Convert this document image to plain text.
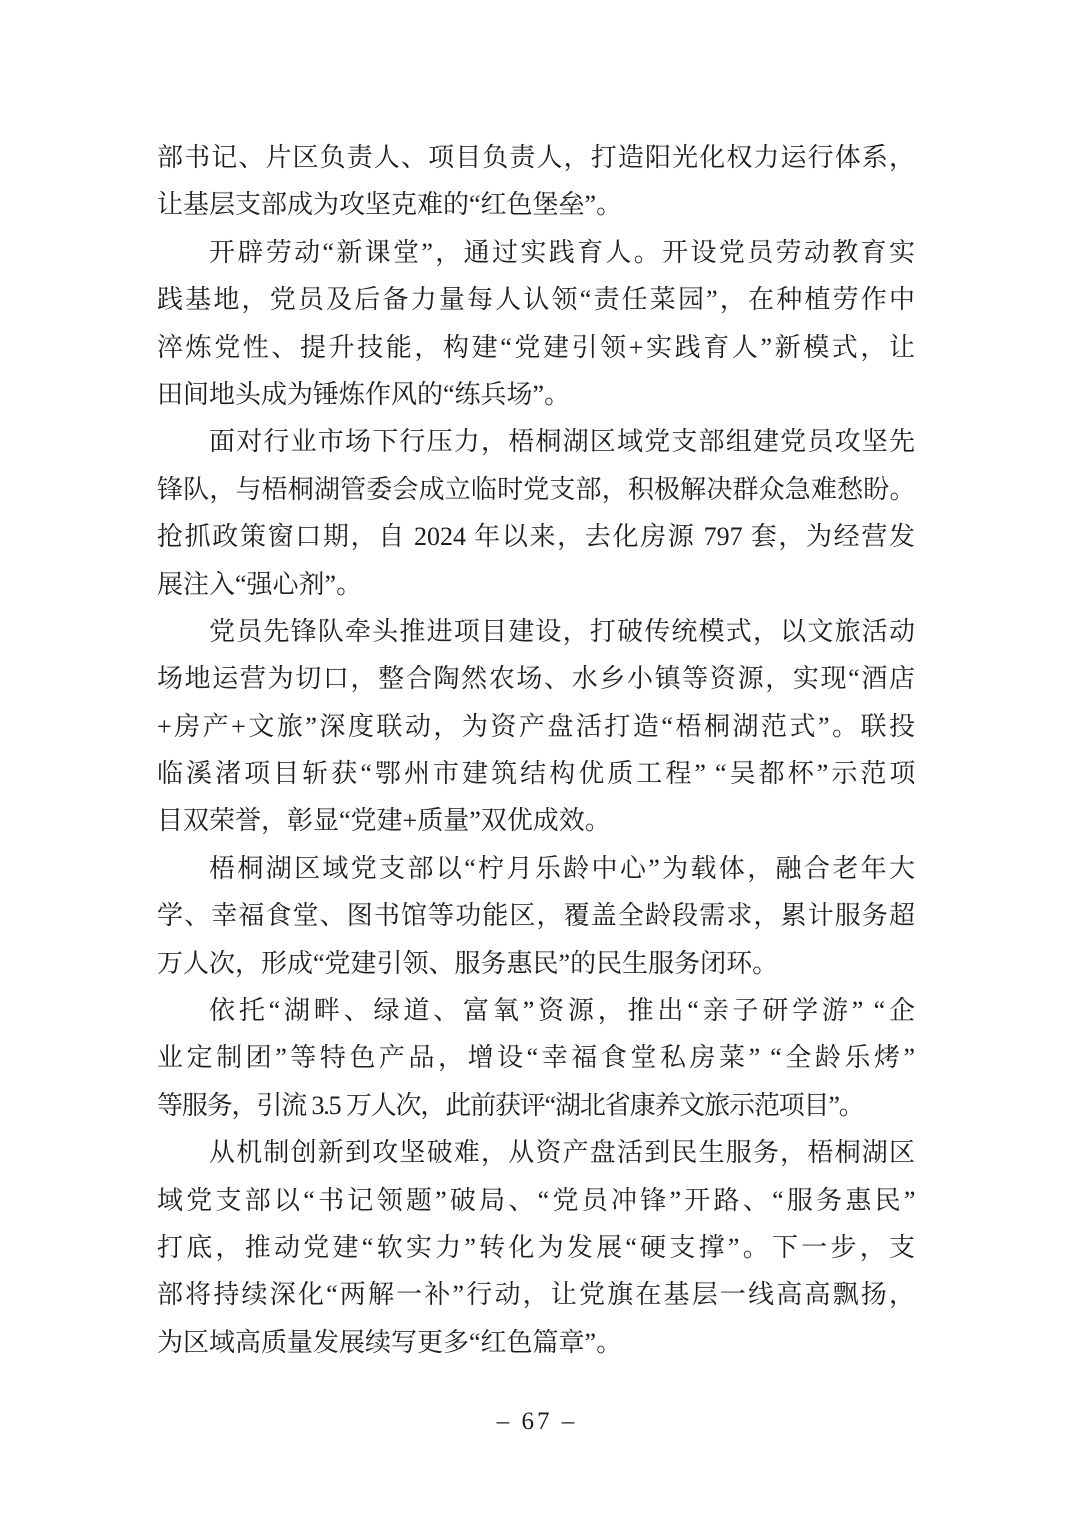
部书记、片区负责人、项目负责人，打造阳光化权力运行体系，
让基层支部成为攻坚克难的“红色堡垒”。
开辟劳动“新课堂”，通过实践育人。开设党员劳动教育实
践基地，党员及后备力量每人认领“责任菜园”，在种植劳作中
淬炼党性、提升技能，构建“党建引领+实践育人”新模式，让
田间地头成为锤炼作风的“练兵场”。
面对行业市场下行压力，梧桐湖区域党支部组建党员攻坚先
锋队，与梧桐湖管委会成立临时党支部，积极解决群众急难愁盼。
抢抓政策窗口期，自 2024 年以来，去化房源 797 套，为经营发
展注入“强心剂”。
党员先锋队牵头推进项目建设，打破传统模式，以文旅活动
场地运营为切口，整合陶然农场、水乡小镇等资源，实现“酒店
+房产+文旅”深度联动，为资产盘活打造“梧桐湖范式”。联投
临溪渚项目斩获“鄂州市建筑结构优质工程” “吴都杯”示范项
目双荣誉，彰显“党建+质量”双优成效。
梧桐湖区域党支部以“柠月乐龄中心”为载体，融合老年大
学、幸福食堂、图书馆等功能区，覆盖全龄段需求，累计服务超
万人次，形成“党建引领、服务惠民”的民生服务闭环。
依托“湖畔、绿道、富氧”资源，推出“亲子研学游” “企
业定制团”等特色产品，增设“幸福食堂私房菜” “全龄乐烤”
等服务，引流 3.5 万人次，此前获评“湖北省康养文旅示范项目”。
从机制创新到攻坚破难，从资产盘活到民生服务，梧桐湖区
域党支部以“书记领题”破局、“党员冲锋”开路、“服务惠民”
打底，推动党建“软实力”转化为发展“硬支撑”。下一步，支
部将持续深化“两解一补”行动，让党旗在基层一线高高飘扬，
为区域高质量发展续写更多“红色篇章”。
– 67 –
